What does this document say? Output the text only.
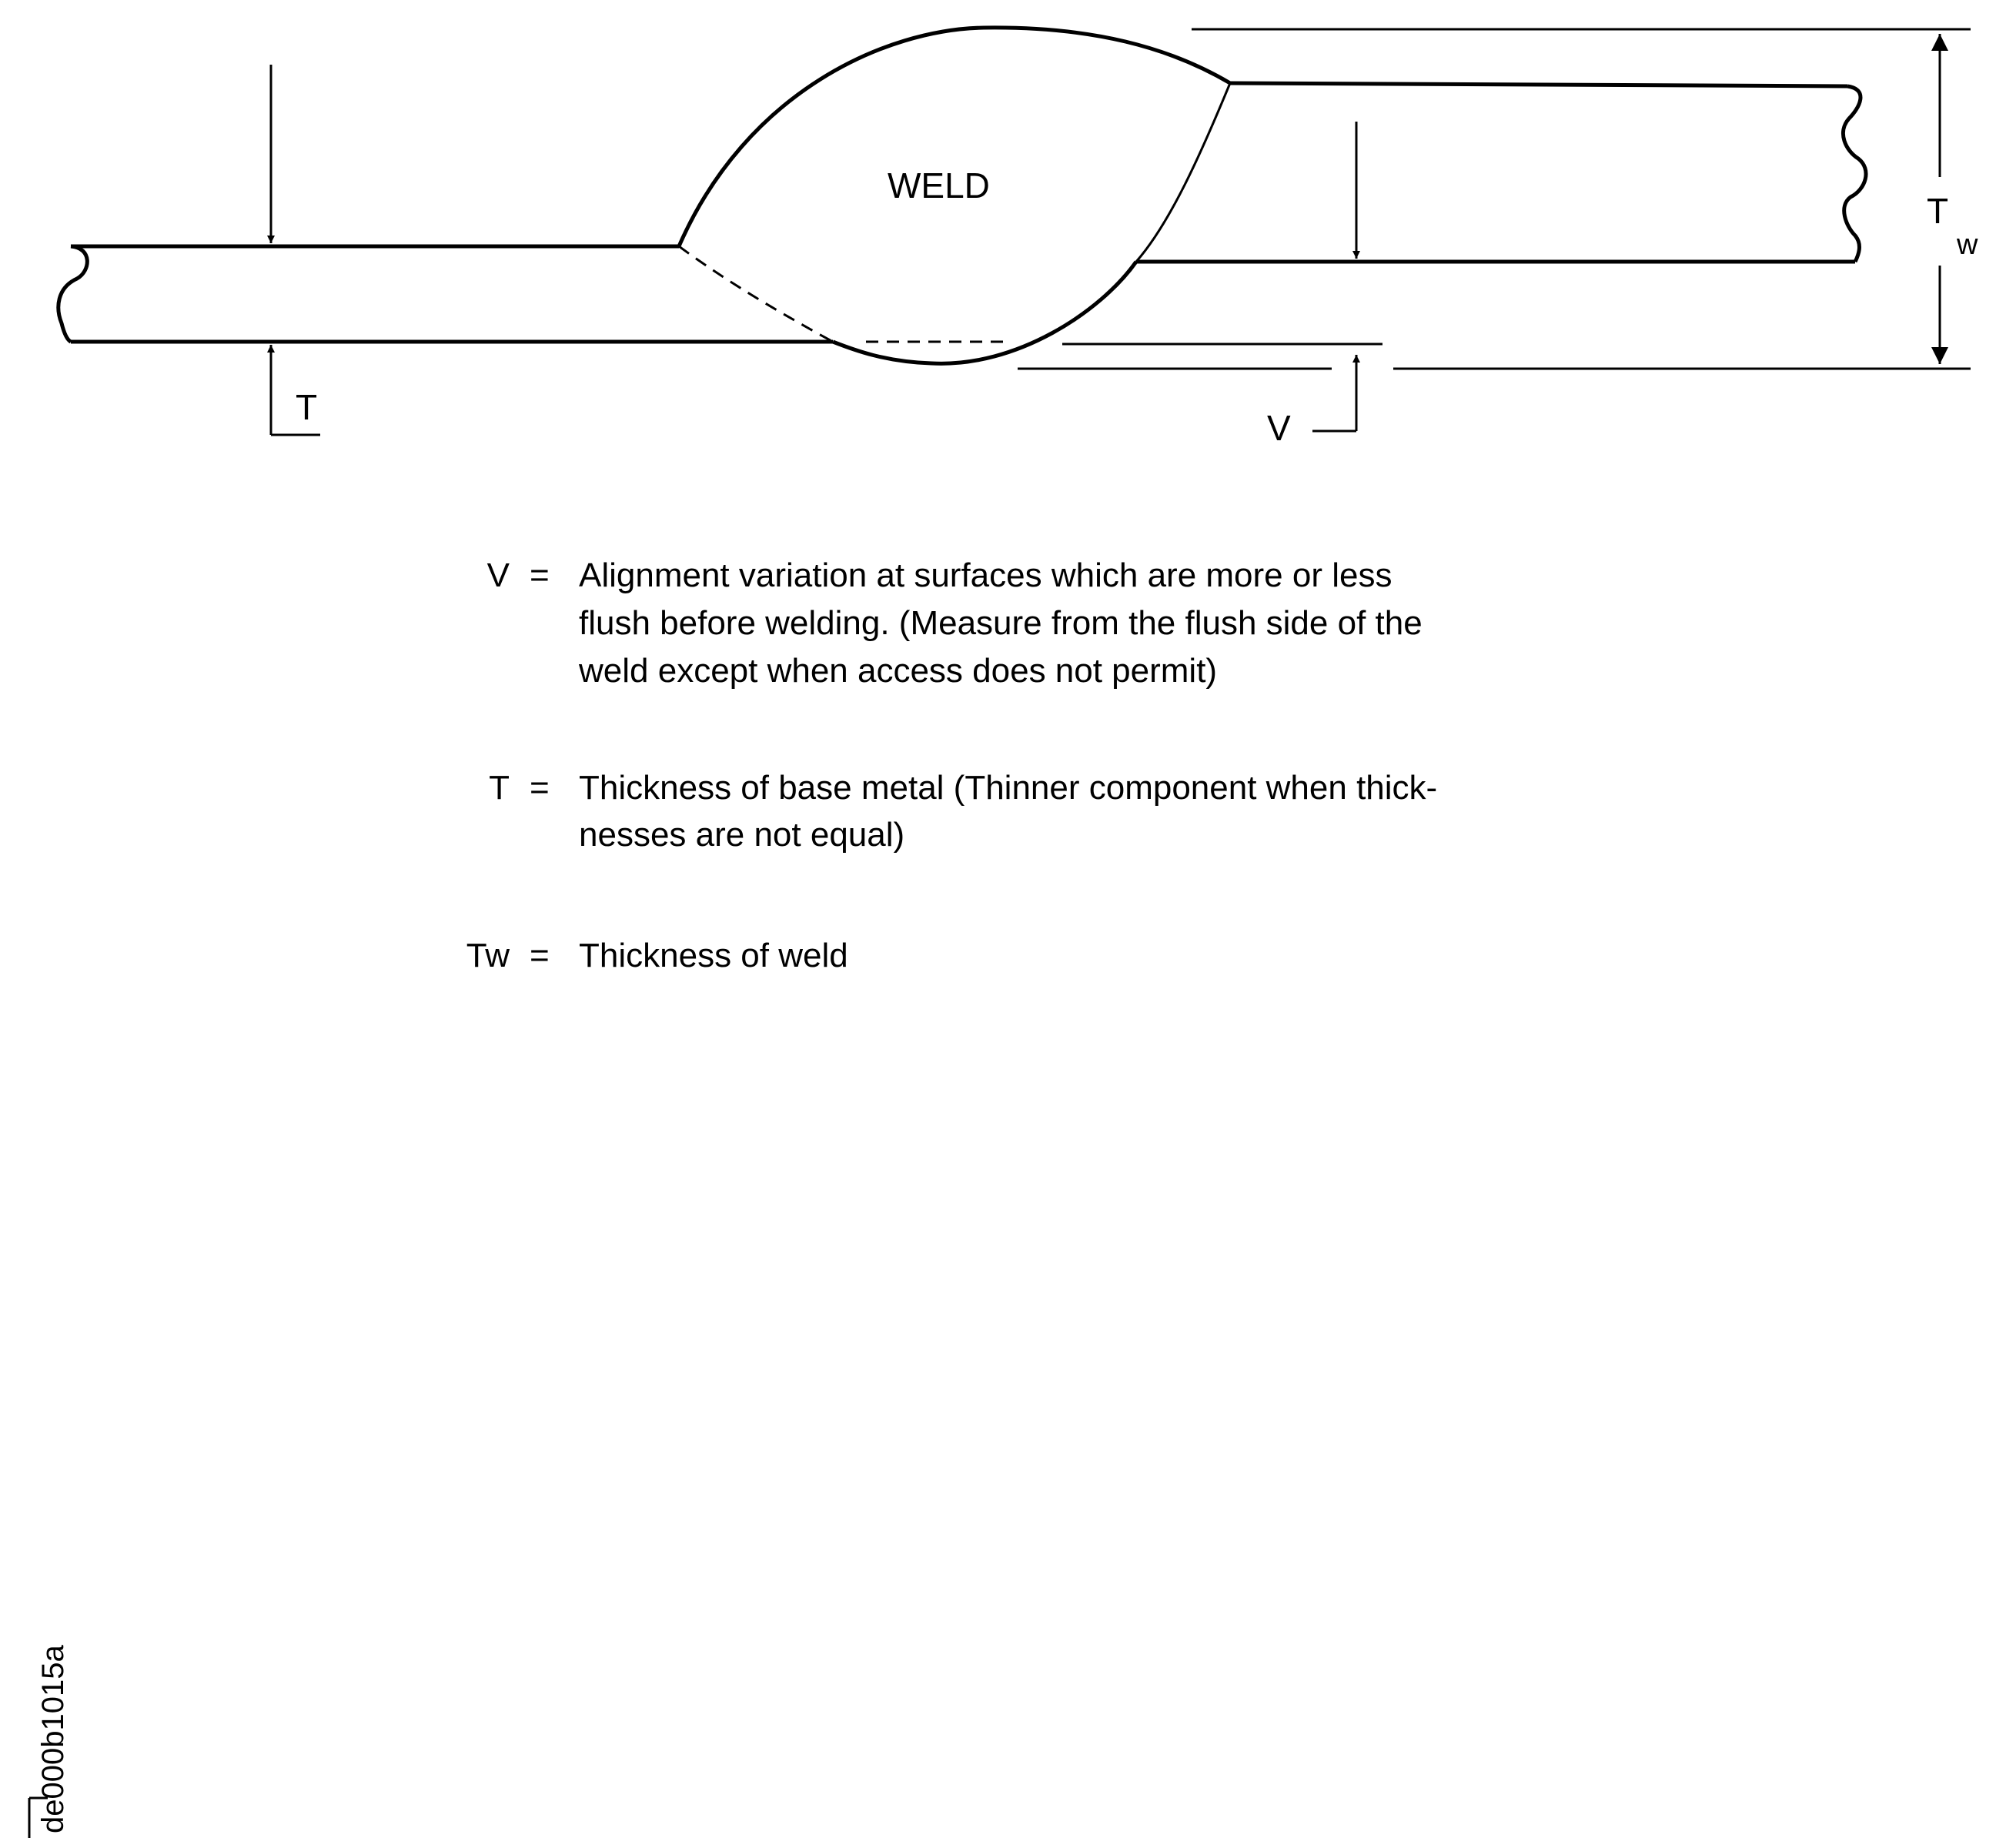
WELD
T
V
T
w
V = Alignment variation at surfaces which are more or less
flush before welding. (Measure from the flush side of the
weld except when access does not permit)
T = Thickness of base metal (Thinner component when thick-
nesses are not equal)
Tw = Thickness of weld
de000b1015a
